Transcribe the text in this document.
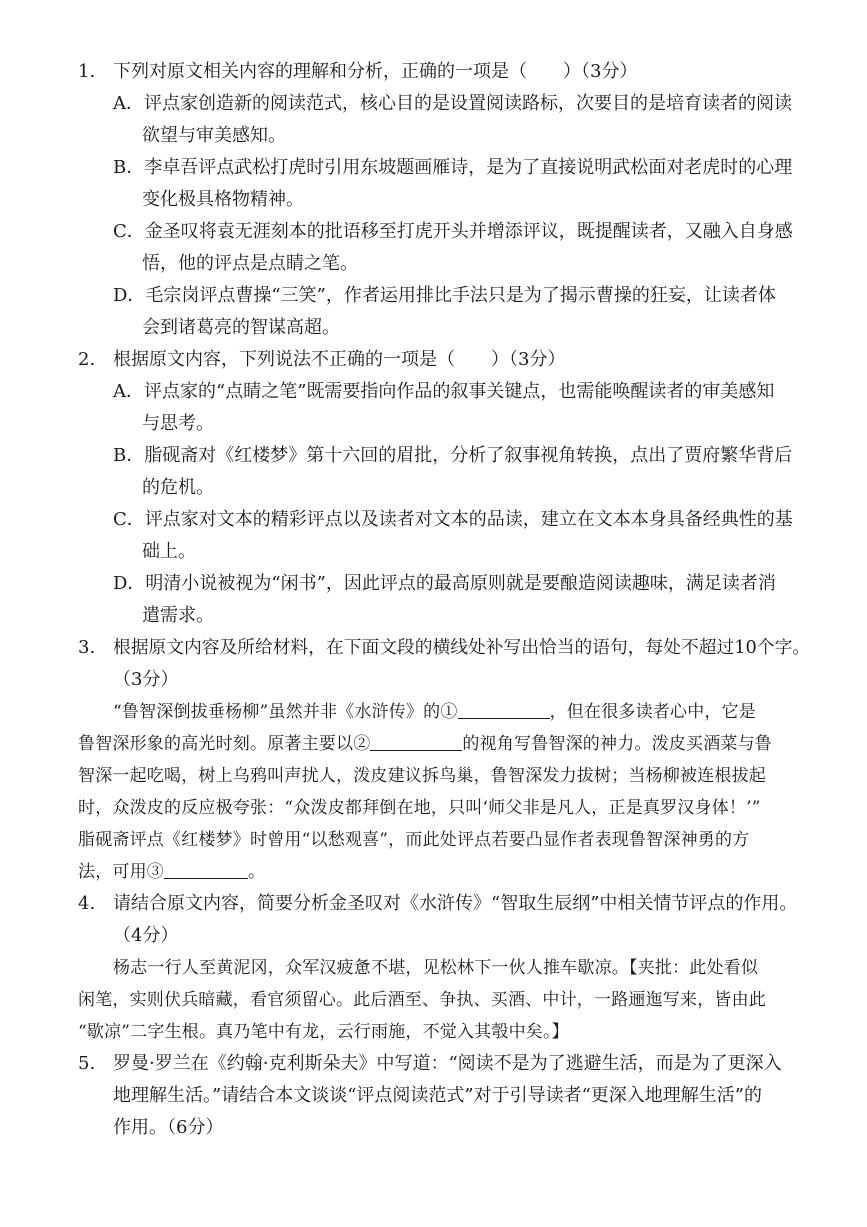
1. 下列对原文相关内容的理解和分析，正确的一项是（　　）（3分）
A．评点家创造新的阅读范式，核心目的是设置阅读路标，次要目的是培育读者的阅读
欲望与审美感知。
B．李卓吾评点武松打虎时引用东坡题画雁诗，是为了直接说明武松面对老虎时的心理
变化极具格物精神。
C．金圣叹将袁无涯刻本的批语移至打虎开头并增添评议，既提醒读者，又融入自身感
悟，他的评点是点睛之笔。
D．毛宗岗评点曹操“三笑”，作者运用排比手法只是为了揭示曹操的狂妄，让读者体
会到诸葛亮的智谋高超。
2. 根据原文内容，下列说法不正确的一项是（　　）（3分）
A．评点家的“点睛之笔”既需要指向作品的叙事关键点，也需能唤醒读者的审美感知
与思考。
B．脂砚斋对《红楼梦》第十六回的眉批，分析了叙事视角转换，点出了贾府繁华背后
的危机。
C．评点家对文本的精彩评点以及读者对文本的品读，建立在文本本身具备经典性的基
础上。
D．明清小说被视为“闲书”，因此评点的最高原则就是要酿造阅读趣味，满足读者消
遣需求。
3. 根据原文内容及所给材料，在下面文段的横线处补写出恰当的语句，每处不超过10个字。
（3分）
“鲁智深倒拔垂杨柳”虽然并非《水浒传》的①	，但在很多读者心中，它是
鲁智深形象的高光时刻。原著主要以②	的视角写鲁智深的神力。泼皮买酒菜与鲁
智深一起吃喝，树上乌鸦叫声扰人，泼皮建议拆鸟巢，鲁智深发力拔树；当杨柳被连根拔起
时，众泼皮的反应极夸张：“众泼皮都拜倒在地，只叫‘师父非是凡人，正是真罗汉身体！’”
脂砚斋评点《红楼梦》时曾用“以愁观喜”，而此处评点若要凸显作者表现鲁智深神勇的方
法，可用③	。
4. 请结合原文内容，简要分析金圣叹对《水浒传》“智取生辰纲”中相关情节评点的作用。
（4分）
杨志一行人至黄泥冈，众军汉疲惫不堪，见松林下一伙人推车歇凉。【夹批：此处看似
闲笔，实则伏兵暗藏，看官须留心。此后酒至、争执、买酒、中计，一路逦迤写来，皆由此
“歇凉”二字生根。真乃笔中有龙，云行雨施，不觉入其彀中矣。】
5. 罗曼·罗兰在《约翰·克利斯朵夫》中写道：“阅读不是为了逃避生活，而是为了更深入
地理解生活。”请结合本文谈谈“评点阅读范式”对于引导读者“更深入地理解生活”的
作用。（6分）
